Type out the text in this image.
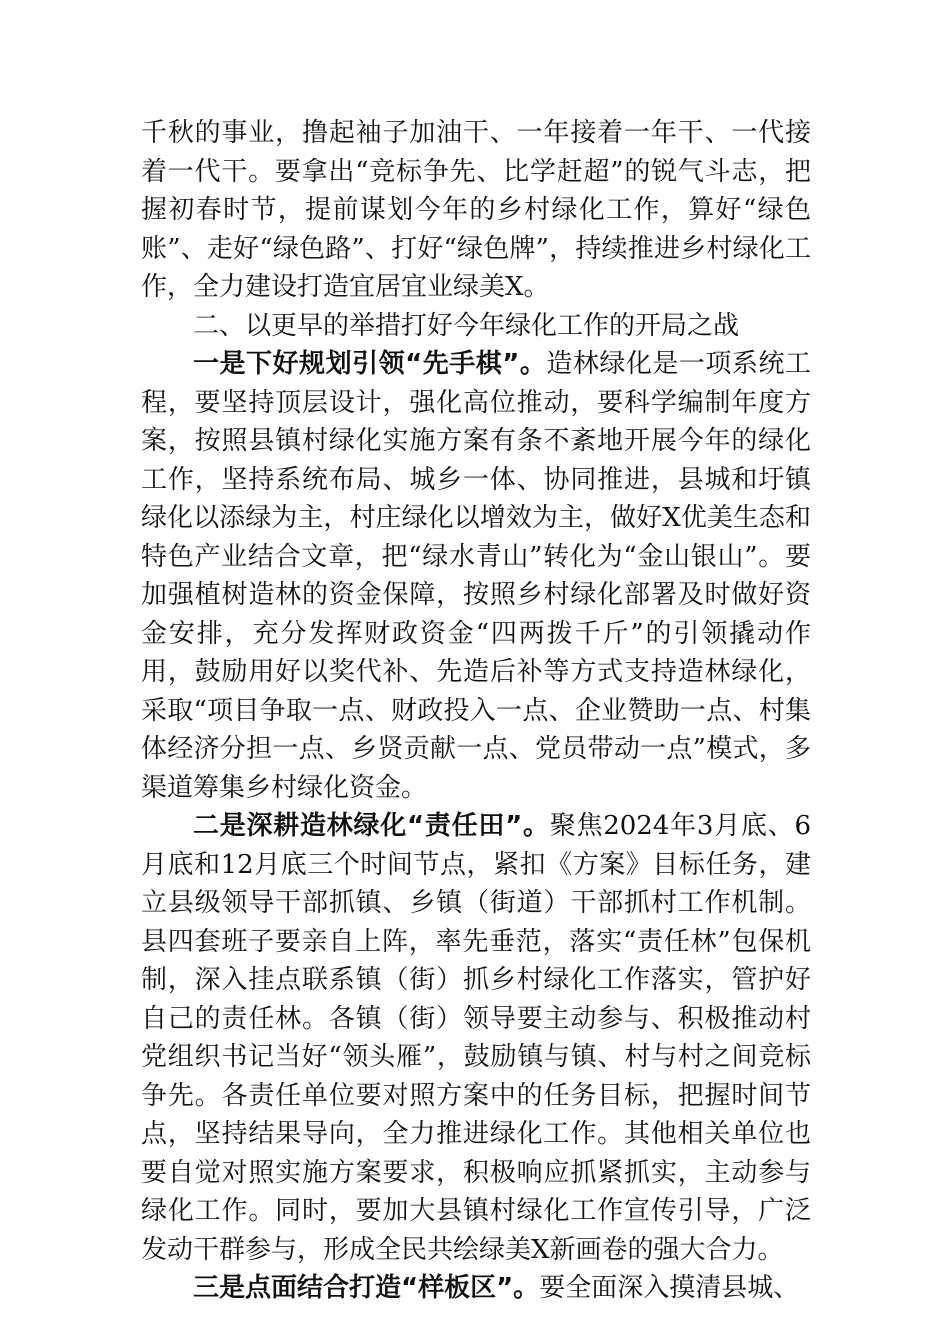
千秋的事业，撸起袖子加油干、一年接着一年干、一代接着一代干。要拿出“竞标争先、比学赶超”的锐气斗志，把握初春时节，提前谋划今年的乡村绿化工作，算好“绿色账”、走好“绿色路”、打好“绿色牌”，持续推进乡村绿化工作，全力建设打造宜居宜业绿美X。

二、以更早的举措打好今年绿化工作的开局之战

一是下好规划引领“先手棋”。造林绿化是一项系统工程，要坚持顶层设计，强化高位推动，要科学编制年度方案，按照县镇村绿化实施方案有条不紊地开展今年的绿化工作，坚持系统布局、城乡一体、协同推进，县城和圩镇绿化以添绿为主，村庄绿化以增效为主，做好X优美生态和特色产业结合文章，把“绿水青山”转化为“金山银山”。要加强植树造林的资金保障，按照乡村绿化部署及时做好资金安排，充分发挥财政资金“四两拨千斤”的引领撬动作用，鼓励用好以奖代补、先造后补等方式支持造林绿化，采取“项目争取一点、财政投入一点、企业赞助一点、村集体经济分担一点、乡贤贡献一点、党员带动一点”模式，多渠道筹集乡村绿化资金。

二是深耕造林绿化“责任田”。聚焦2024年3月底、6月底和12月底三个时间节点，紧扣《方案》目标任务，建立县级领导干部抓镇、乡镇（街道）干部抓村工作机制。县四套班子要亲自上阵，率先垂范，落实“责任林”包保机制，深入挂点联系镇（街）抓乡村绿化工作落实，管护好自己的责任林。各镇（街）领导要主动参与、积极推动村党组织书记当好“领头雁”，鼓励镇与镇、村与村之间竞标争先。各责任单位要对照方案中的任务目标，把握时间节点，坚持结果导向，全力推进绿化工作。其他相关单位也要自觉对照实施方案要求，积极响应抓紧抓实，主动参与绿化工作。同时，要加大县镇村绿化工作宣传引导，广泛发动干群参与，形成全民共绘绿美X新画卷的强大合力。

三是点面结合打造“样板区”。要全面深入摸清县城、
